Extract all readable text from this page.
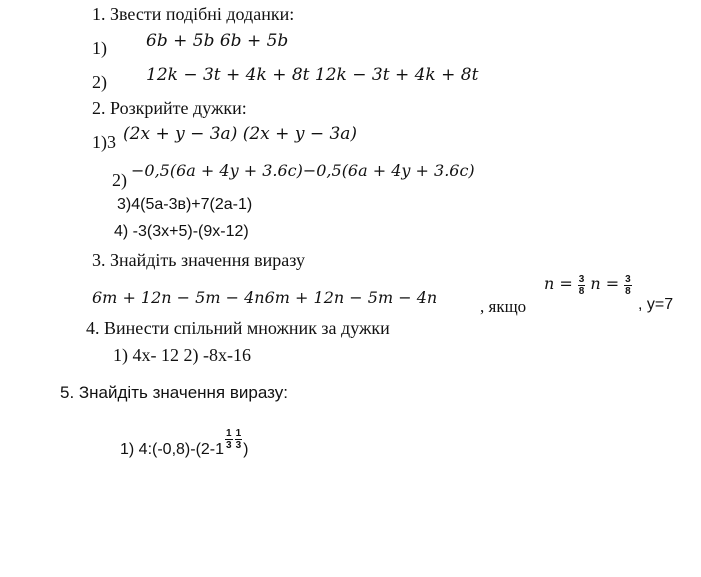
1. Звести подібні доданки:
1) 6b + 5b 6b + 5b
2) 12k − 3t + 4k + 8t 12k − 3t + 4k + 8t
2. Розкрийте дужки:
1)3 (2x + y − 3a) (2x + y − 3a)
2) −0,5(6a + 4y + 3.6c)−0,5(6a + 4y + 3.6c)
3)4(5а-3в)+7(2а-1)
4) -3(3х+5)-(9х-12)
3. Знайдіть значення виразу
6m + 12n − 5m − 4n6m + 12n − 5m − 4n	, якщо
$n = \frac{3}{8}$ $n = \frac{3}{8}$
, у=7
4. Винести спільний множник за дужки
1) 4х- 12 2) -8х-16
5. Знайдіть значення виразу:
1) 4:(-0,8)-(2-1 $\frac{1}{3} \frac{1}{3}$ )
